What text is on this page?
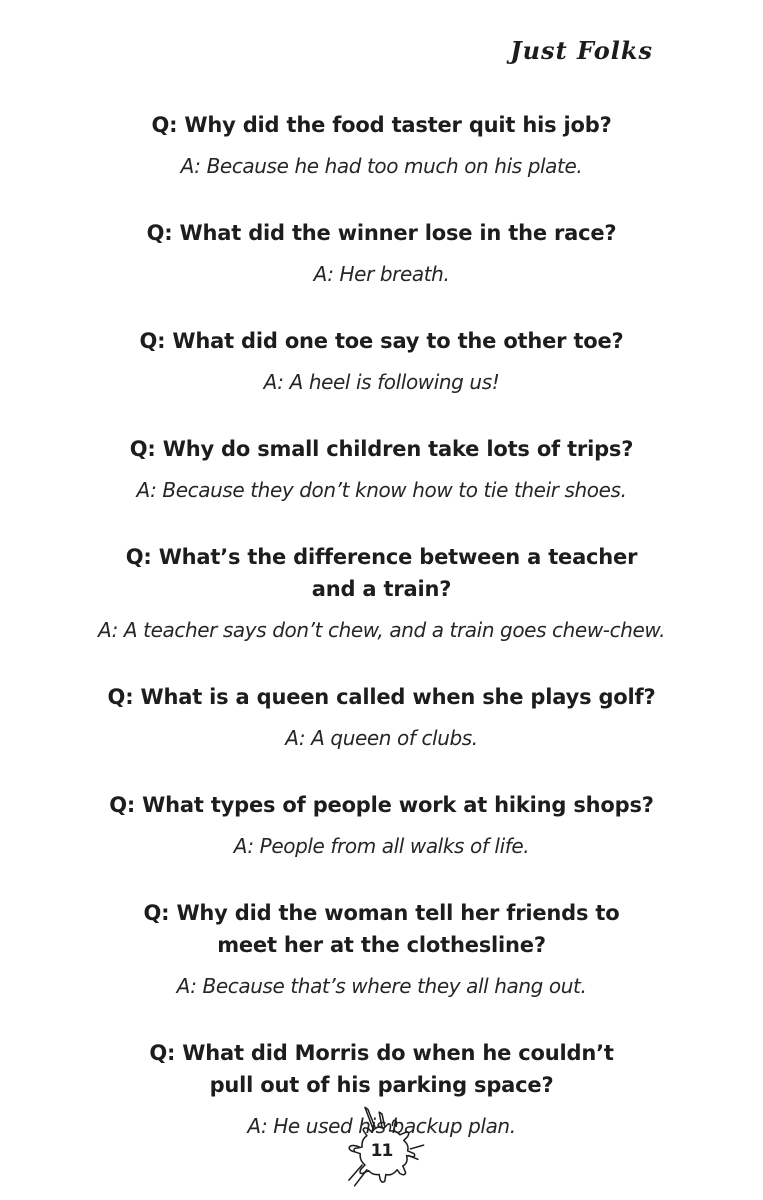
Just Folks

Q: Why did the food taster quit his job?

A: Because he had too much on his plate.

Q: What did the winner lose in the race?

A: Her breath.

Q: What did one toe say to the other toe?

A: A heel is following us!

Q: Why do small children take lots of trips?

A: Because they don’t know how to tie their shoes.

Q: What’s the difference between a teacher
and a train?

A: A teacher says don’t chew, and a train goes chew-chew.

Q: What is a queen called when she plays golf?

A: A queen of clubs.

Q: What types of people work at hiking shops?

A: People from all walks of life.

Q: Why did the woman tell her friends to
meet her at the clothesline?

A: Because that’s where they all hang out.

Q: What did Morris do when he couldn’t
pull out of his parking space?

A: He used his backup plan.

11
